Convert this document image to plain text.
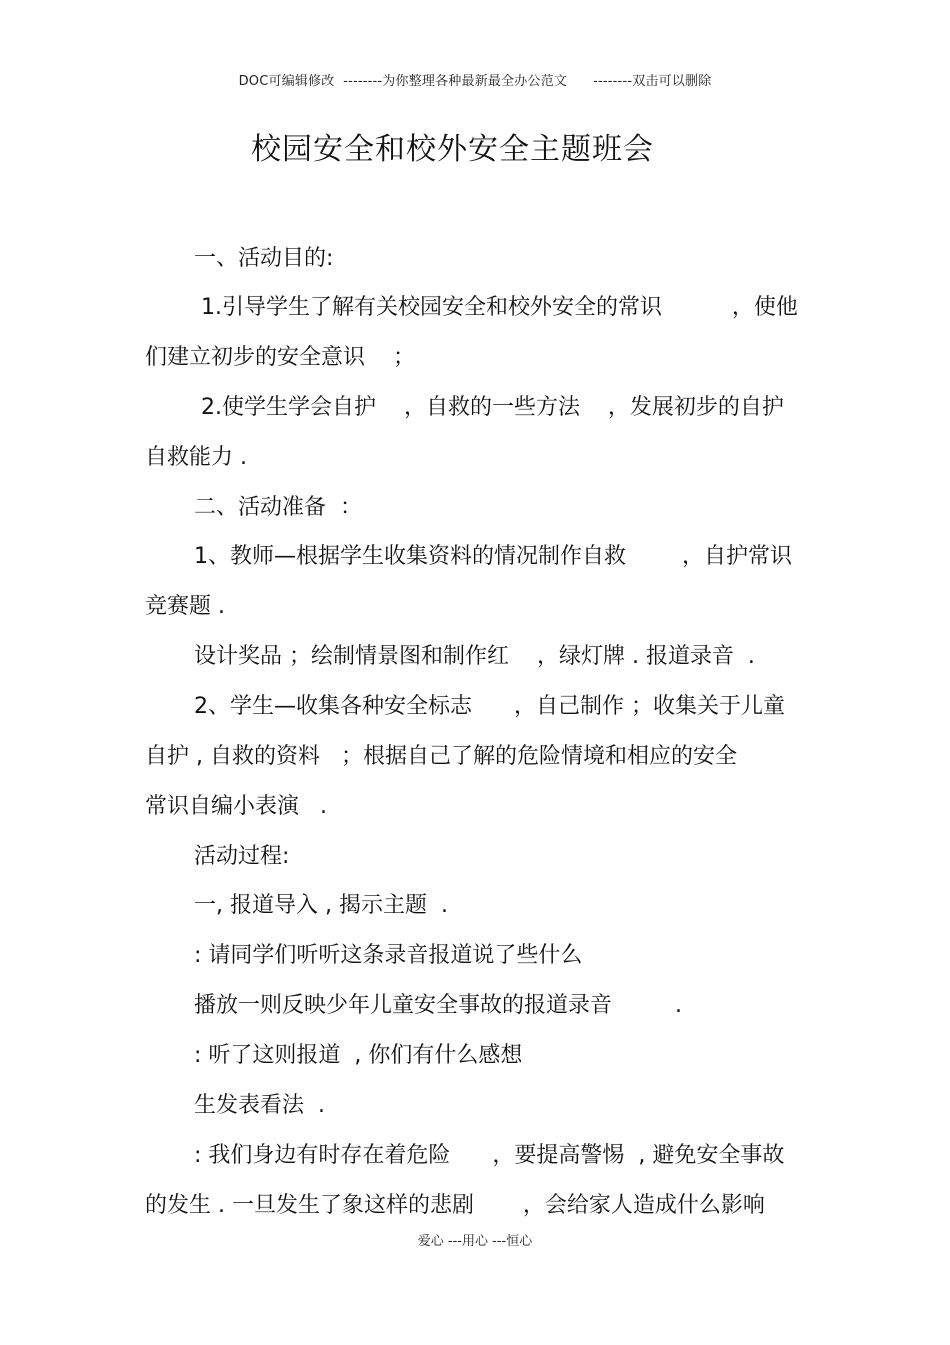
DOC可编辑修改  --------为你整理各种最新最全办公范文      --------双击可以删除
校园安全和校外安全主题班会
一、活动目的:
1.引导学生了解有关校园安全和校外安全的常识          ，使他
们建立初步的安全意识    ；
2.使学生学会自护    ，自救的一些方法    ，发展初步的自护
自救能力 .
二、活动准备  ：
1、教师—根据学生收集资料的情况制作自救        ，自护常识
竞赛题 .
设计奖品 ；绘制情景图和制作红    ，绿灯牌 . 报道录音  .
2、学生—收集各种安全标志      ，自己制作 ；收集关于儿童
自护 , 自救的资料   ；根据自己了解的危险情境和相应的安全
常识自编小表演   .
活动过程:
一, 报道导入 , 揭示主题  .
: 请同学们听听这条录音报道说了些什么
播放一则反映少年儿童安全事故的报道录音         .
: 听了这则报道  , 你们有什么感想
生发表看法  .
: 我们身边有时存在着危险      ，要提高警惕  , 避免安全事故
的发生 . 一旦发生了象这样的悲剧       ，会给家人造成什么影响
爱心 ---用心 ---恒心
